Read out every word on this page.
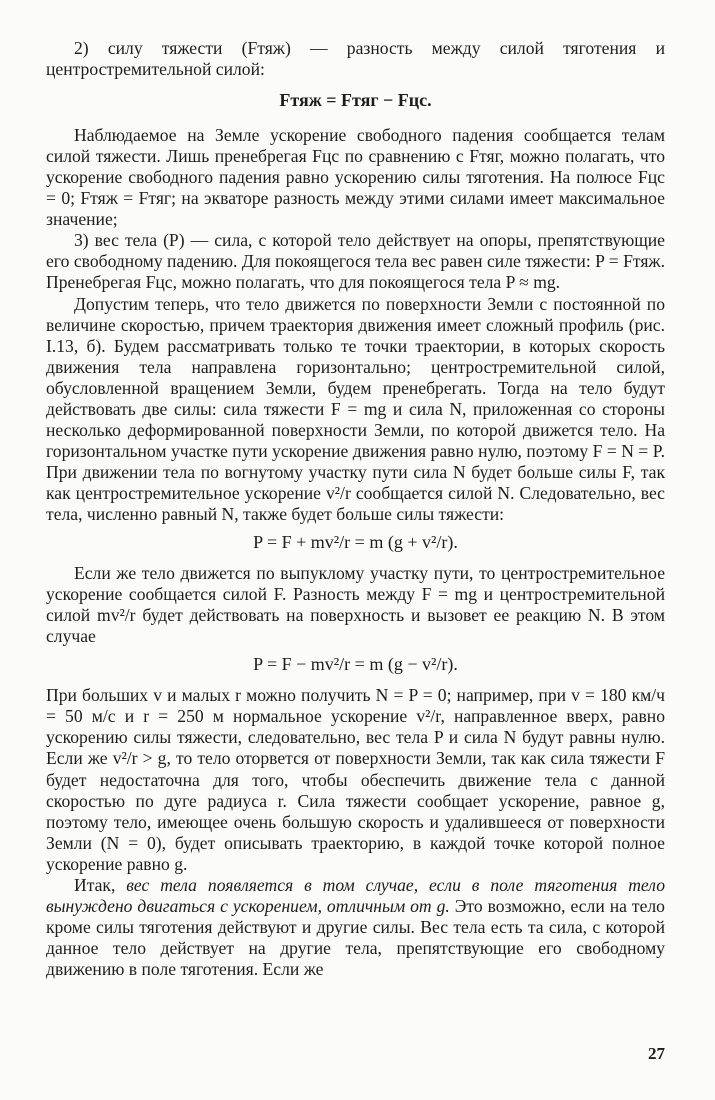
2) силу тяжести (Fтяж) — разность между силой тяготения и центростремительной силой:

Fтяж = Fтяг − Fцс.

Наблюдаемое на Земле ускорение свободного падения сообщается телам силой тяжести. Лишь пренебрегая Fцс по сравнению с Fтяг, можно полагать, что ускорение свободного падения равно ускорению силы тяготения. На полюсе Fцс = 0; Fтяж = Fтяг; на экваторе разность между этими силами имеет максимальное значение;

3) вес тела (P) — сила, с которой тело действует на опоры, препятствующие его свободному падению. Для покоящегося тела вес равен силе тяжести: P = Fтяж. Пренебрегая Fцс, можно полагать, что для покоящегося тела P ≈ mg.

Допустим теперь, что тело движется по поверхности Земли с постоянной по величине скоростью, причем траектория движения имеет сложный профиль (рис. I.13, б). Будем рассматривать только те точки траектории, в которых скорость движения тела направлена горизонтально; центростремительной силой, обусловленной вращением Земли, будем пренебрегать. Тогда на тело будут действовать две силы: сила тяжести F = mg и сила N, приложенная со стороны несколько деформированной поверхности Земли, по которой движется тело. На горизонтальном участке пути ускорение движения равно нулю, поэтому F = N = P. При движении тела по вогнутому участку пути сила N будет больше силы F, так как центростремительное ускорение v²/r сообщается силой N. Следовательно, вес тела, численно равный N, также будет больше силы тяжести:

P = F + mv²/r = m (g + v²/r).

Если же тело движется по выпуклому участку пути, то центростремительное ускорение сообщается силой F. Разность между F = mg и центростремительной силой mv²/r будет действовать на поверхность и вызовет ее реакцию N. В этом случае

P = F − mv²/r = m (g − v²/r).

При больших v и малых r можно получить N = P = 0; например, при v = 180 км/ч = 50 м/с и r = 250 м нормальное ускорение v²/r, направленное вверх, равно ускорению силы тяжести, следовательно, вес тела P и сила N будут равны нулю. Если же v²/r > g, то тело оторвется от поверхности Земли, так как сила тяжести F будет недостаточна для того, чтобы обеспечить движение тела с данной скоростью по дуге радиуса r. Сила тяжести сообщает ускорение, равное g, поэтому тело, имеющее очень большую скорость и удалившееся от поверхности Земли (N = 0), будет описывать траекторию, в каждой точке которой полное ускорение равно g.

Итак, вес тела появляется в том случае, если в поле тяготения тело вынуждено двигаться с ускорением, отличным от g. Это возможно, если на тело кроме силы тяготения действуют и другие силы. Вес тела есть та сила, с которой данное тело действует на другие тела, препятствующие его свободному движению в поле тяготения. Если же

27
